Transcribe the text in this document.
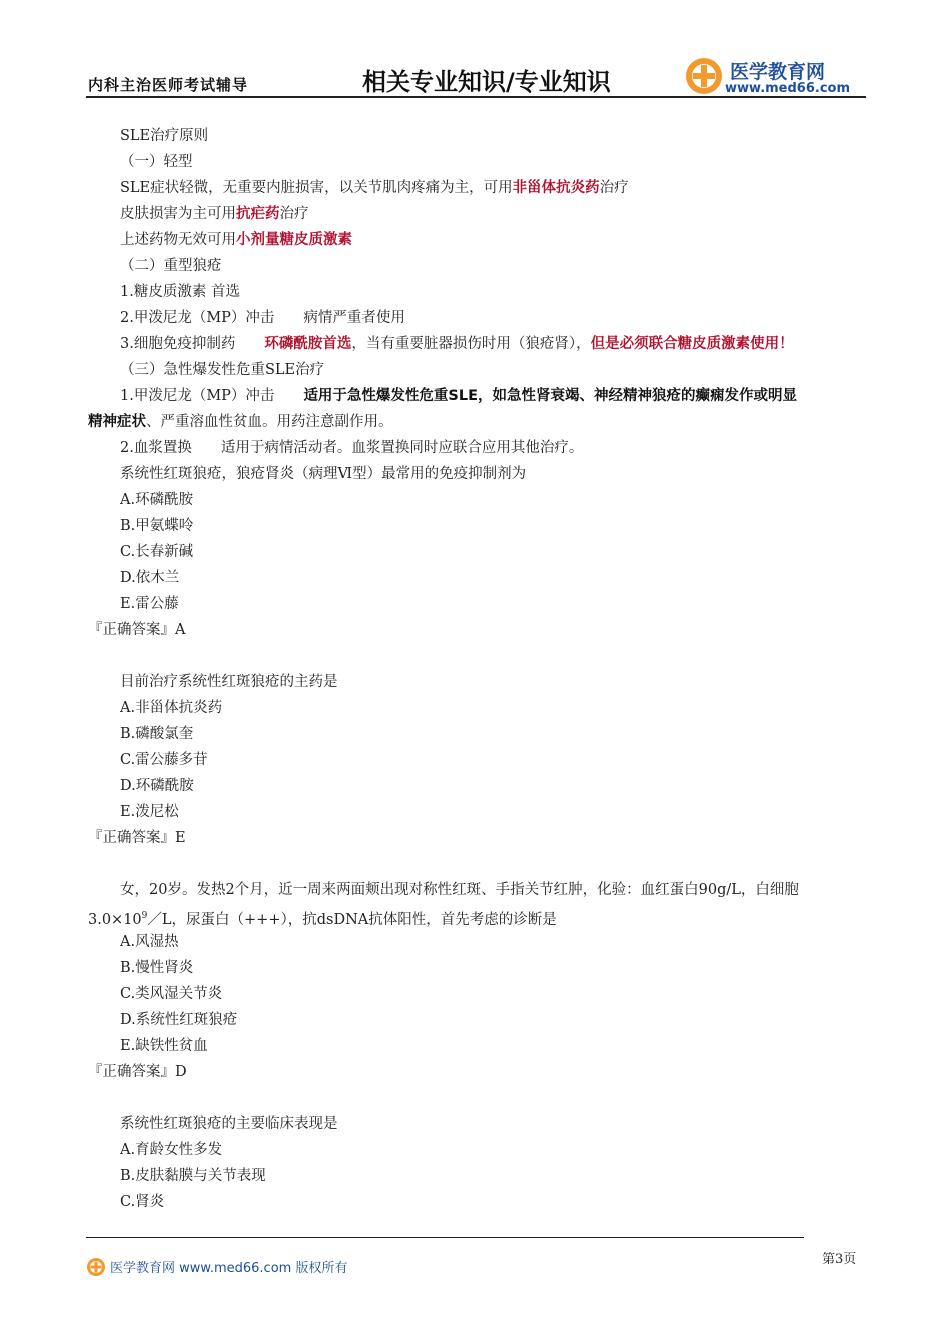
内科主治医师考试辅导	相关专业知识/专业知识	医学教育网
www.med66.com
SLE治疗原则
（一）轻型
SLE症状轻微，无重要内脏损害，以关节肌肉疼痛为主，可用非甾体抗炎药治疗
皮肤损害为主可用抗疟药治疗
上述药物无效可用小剂量糖皮质激素
（二）重型狼疮
1.糖皮质激素 首选
2.甲泼尼龙（MP）冲击　　病情严重者使用
3.细胞免疫抑制药　　环磷酰胺首选，当有重要脏器损伤时用（狼疮肾），但是必须联合糖皮质激素使用！
（三）急性爆发性危重SLE治疗
1.甲泼尼龙（MP）冲击　　适用于急性爆发性危重SLE，如急性肾衰竭、神经精神狼疮的癫痫发作或明显
精神症状、严重溶血性贫血。用药注意副作用。
2.血浆置换　　适用于病情活动者。血浆置换同时应联合应用其他治疗。
系统性红斑狼疮，狼疮肾炎（病理Ⅵ型）最常用的免疫抑制剂为
A.环磷酰胺
B.甲氨蝶呤
C.长春新碱
D.依木兰
E.雷公藤
『正确答案』A
目前治疗系统性红斑狼疮的主药是
A.非甾体抗炎药
B.磷酸氯奎
C.雷公藤多苷
D.环磷酰胺
E.泼尼松
『正确答案』E
女，20岁。发热2个月，近一周来两面颊出现对称性红斑、手指关节红肿，化验：血红蛋白90g/L，白细胞
$3.0\times 10^9/L$，尿蛋白（+++），抗dsDNA抗体阳性，首先考虑的诊断是
A.风湿热
B.慢性肾炎
C.类风湿关节炎
D.系统性红斑狼疮
E.缺铁性贫血
『正确答案』D
系统性红斑狼疮的主要临床表现是
A.育龄女性多发
B.皮肤黏膜与关节表现
C.肾炎
医学教育网 www.med66.com 版权所有
第3页
